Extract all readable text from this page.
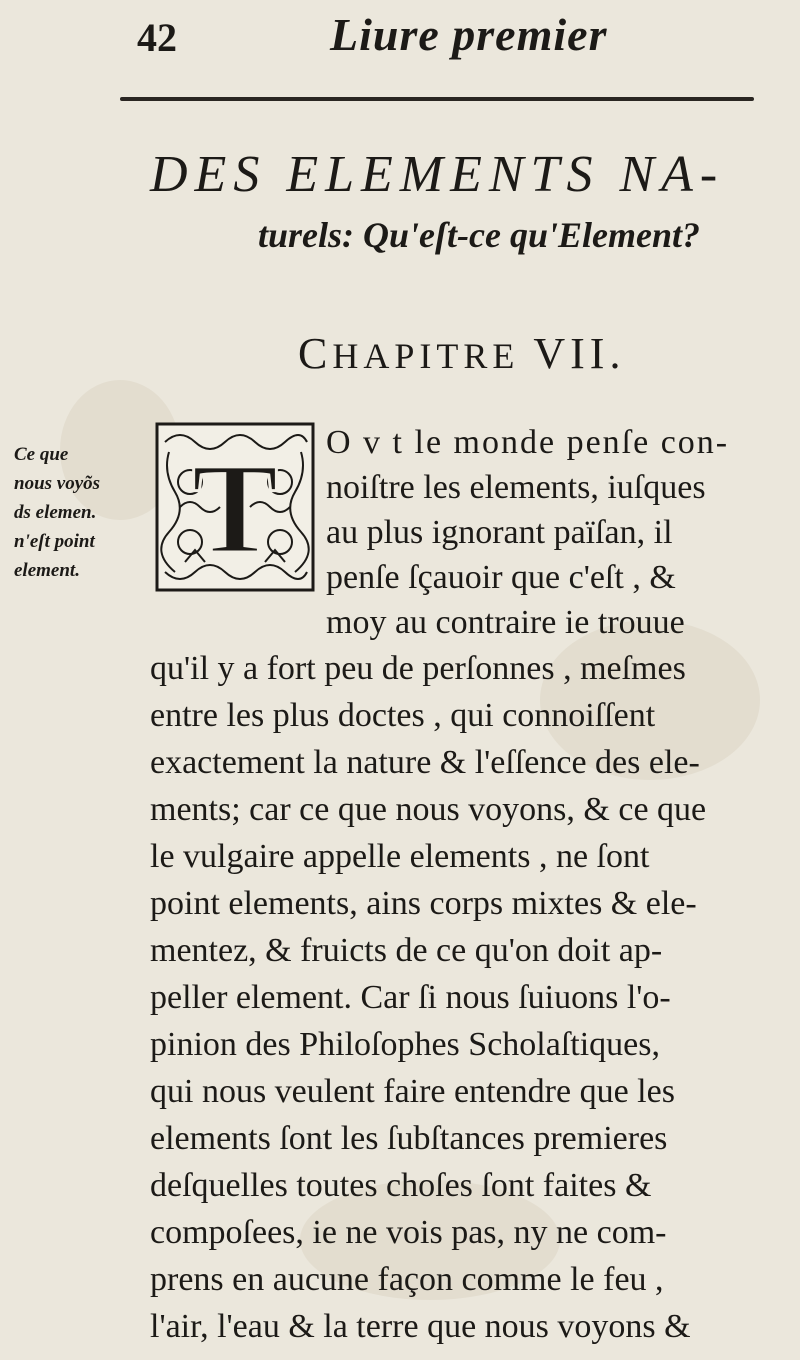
42	Liure premier
DES ELEMENTS NA-
turels: Qu'eſt-ce qu'Element?
CHAPITRE VII.
Ce que
nous voyõs
ds elemen.
n'eſt point
element. T O v t le monde penſe con-
noiſtre les elements, iuſques
au plus ignorant païſan, il
penſe ſçauoir que c'eſt , &
moy au contraire ie trouue
qu'il y a fort peu de perſonnes , meſmes
entre les plus doctes , qui connoiſſent
exactement la nature & l'eſſence des ele-
ments; car ce que nous voyons, & ce que
le vulgaire appelle elements , ne ſont
point elements, ains corps mixtes & ele-
mentez, & fruicts de ce qu'on doit ap-
peller element. Car ſi nous ſuiuons l'o-
pinion des Philoſophes Scholaſtiques,
qui nous veulent faire entendre que les
elements ſont les ſubſtances premieres
deſquelles toutes choſes ſont faites &
compoſees, ie ne vois pas, ny ne com-
prens en aucune façon comme le feu ,
l'air, l'eau & la terre que nous voyons &
